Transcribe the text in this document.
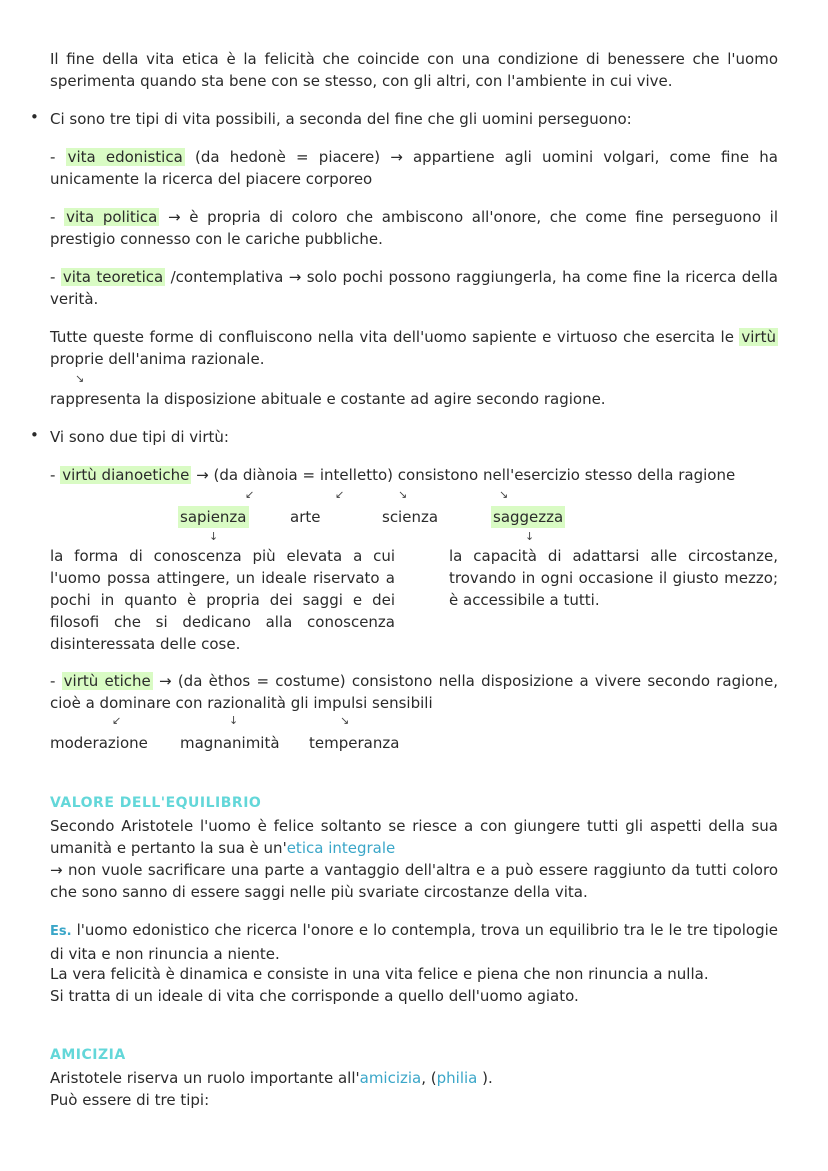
Il fine della vita etica è la felicità che coincide con una condizione di benessere che l'uomo sperimenta quando sta bene con se stesso, con gli altri, con l'ambiente in cui vive.
• Ci sono tre tipi di vita possibili, a seconda del fine che gli uomini perseguono:
- vita edonistica (da hedonè = piacere) → appartiene agli uomini volgari, come fine ha unicamente la ricerca del piacere corporeo
- vita politica → è propria di coloro che ambiscono all'onore, che come fine perseguono il prestigio connesso con le cariche pubbliche.
- vita teoretica /contemplativa → solo pochi possono raggiungerla, ha come fine la ricerca della verità.
Tutte queste forme di confluiscono nella vita dell'uomo sapiente e virtuoso che esercita le virtù proprie dell'anima razionale.
↘
rappresenta la disposizione abituale e costante ad agire secondo ragione.
• Vi sono due tipi di virtù:
- virtù dianoetiche → (da diànoia = intelletto) consistono nell'esercizio stesso della ragione
↙	↙	↘	↘
sapienza	arte	scienza	saggezza
↓	↓
la forma di conoscenza più elevata a cui l'uomo possa attingere, un ideale riservato a pochi in quanto è propria dei saggi e dei filosofi che si dedicano alla conoscenza disinteressata delle cose.
la capacità di adattarsi alle circostanze, trovando in ogni occasione il giusto mezzo; è accessibile a tutti.
- virtù etiche → (da èthos = costume) consistono nella disposizione a vivere secondo ragione, cioè a dominare con razionalità gli impulsi sensibili
↙	↓	↘
moderazione magnanimità temperanza
VALORE DELL'EQUILIBRIO
Secondo Aristotele l'uomo è felice soltanto se riesce a con giungere tutti gli aspetti della sua umanità e pertanto la sua è un'etica integrale
→ non vuole sacrificare una parte a vantaggio dell'altra e a può essere raggiunto da tutti coloro che sono sanno di essere saggi nelle più svariate circostanze della vita.
Es. l'uomo edonistico che ricerca l'onore e lo contempla, trova un equilibrio tra le le tre tipologie di vita e non rinuncia a niente.
La vera felicità è dinamica e consiste in una vita felice e piena che non rinuncia a nulla.
Si tratta di un ideale di vita che corrisponde a quello dell'uomo agiato.
AMICIZIA
Aristotele riserva un ruolo importante all'amicizia, (philia ).
Può essere di tre tipi:
